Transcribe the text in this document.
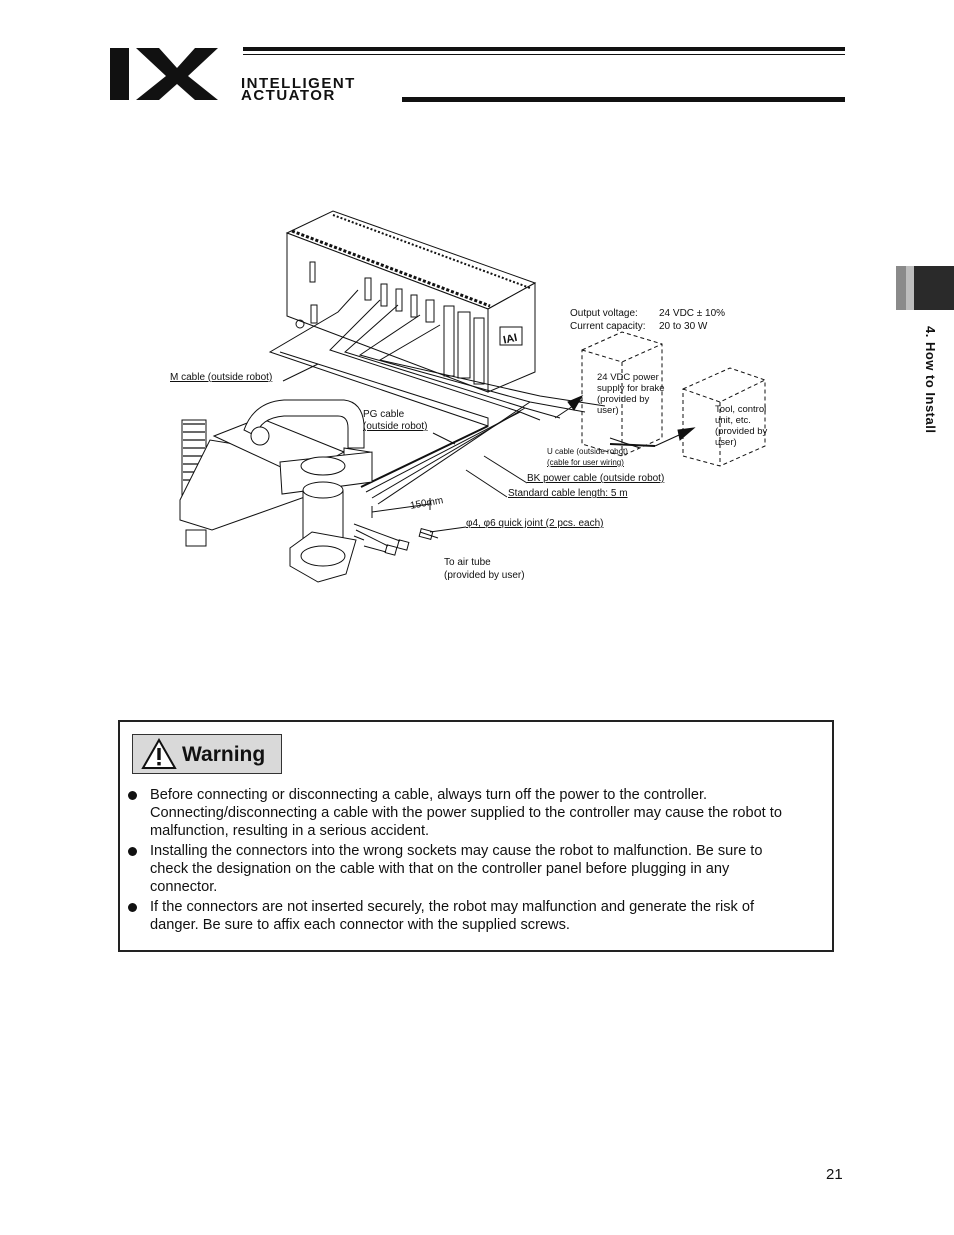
INTELLIGENT
ACTUATOR
4. How to Install
IAI
Output voltage: 24 VDC ± 10%
Current capacity: 20 to 30 W
24 VDC power
supply for brake
(provided by
user)	Tool, control
unit, etc.
(provided by
user)
M cable (outside robot)
PG cable
(outside robot)
U cable (outside robot)
(cable for user wiring)
BK power cable (outside robot)
Standard cable length: 5 m
150mm
φ4, φ6 quick joint (2 pcs. each)
To air tube
(provided by user)
Warning
Before connecting or disconnecting a cable, always turn off the power to the controller.
Connecting/disconnecting a cable with the power supplied to the controller may cause the robot to
malfunction, resulting in a serious accident.
Installing the connectors into the wrong sockets may cause the robot to malfunction. Be sure to
check the designation on the cable with that on the controller panel before plugging in any
connector.
If the connectors are not inserted securely, the robot may malfunction and generate the risk of
danger. Be sure to affix each connector with the supplied screws.
21
